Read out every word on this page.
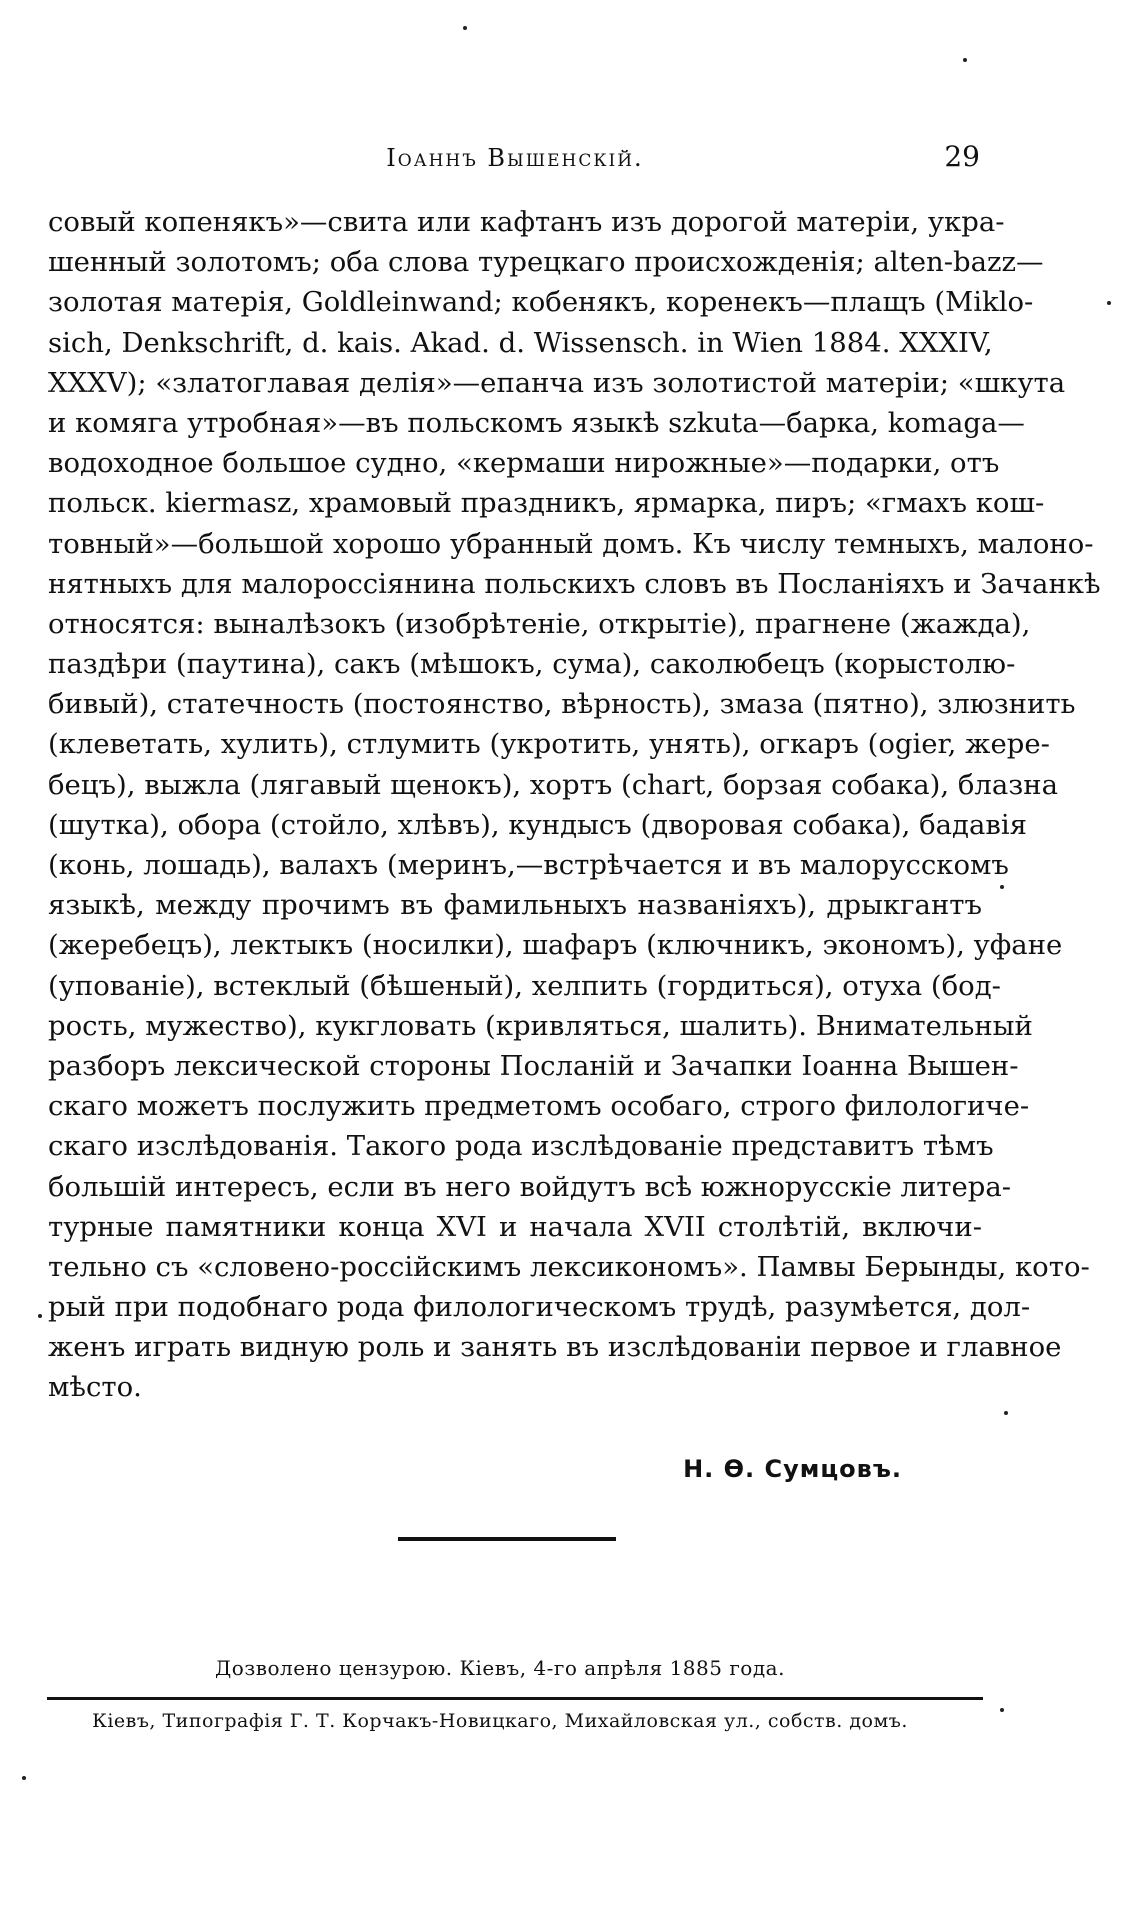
Іоаннъ Вышенскій.	29
совый копенякъ»—свита или кафтанъ изъ дорогой матеріи, укра-
шенный золотомъ; оба слова турецкаго происхожденія; alten-bazz—
золотая матерія, Goldleinwand; кобенякъ, коренекъ—плащъ (Miklo-
sich, Denkschrift, d. kais. Akad. d. Wissensch. in Wien 1884. XXXIV,
XXXV); «златоглавая делія»—епанча изъ золотистой матеріи; «шкута
и комяга утробная»—въ польскомъ языкѣ szkuta—барка, komaga—
водоходное большое судно, «кермаши нирожные»—подарки, отъ
польск. kiermasz, храмовый праздникъ, ярмарка, пиръ; «гмахъ кош-
товный»—большой хорошо убранный домъ. Къ числу темныхъ, малоно-
нятныхъ для малороссіянина польскихъ словъ въ Посланіяхъ и Зачанкѣ
относятся: выналѣзокъ (изобрѣтеніе, открытіе), прагнене (жажда),
паздѣри (паутина), сакъ (мѣшокъ, сума), саколюбецъ (корыстолю-
бивый), статечность (постоянство, вѣрность), змаза (пятно), злюзнить
(клеветать, хулить), стлумить (укротить, унять), огкаръ (ogier, жере-
бецъ), выжла (лягавый щенокъ), хортъ (chart, борзая собака), блазна
(шутка), обора (стойло, хлѣвъ), кундысъ (дворовая собака), бадавія
(конь, лошадь), валахъ (меринъ,—встрѣчается и въ малорусскомъ
языкѣ, между прочимъ въ фамильныхъ названіяхъ), дрыкгантъ
(жеребецъ), лектыкъ (носилки), шафаръ (ключникъ, экономъ), уфане
(упованіе), встеклый (бѣшеный), хелпить (гордиться), отуха (бод-
рость, мужество), кукгловать (кривляться, шалить). Внимательный
разборъ лексической стороны Посланій и Зачапки Іоанна Вышен-
скаго можетъ послужить предметомъ особаго, строго филологиче-
скаго изслѣдованія. Такого рода изслѣдованіе представитъ тѣмъ
большій интересъ, если въ него войдутъ всѣ южнорусскіе литера-
турные памятники конца XVI и начала XVII столѣтій, включи-
тельно съ «словено-россійскимъ лексикономъ». Памвы Берынды, кото-
рый при подобнаго рода филологическомъ трудѣ, разумѣется, дол-
женъ играть видную роль и занять въ изслѣдованіи первое и главное
мѣсто.
Н. Ѳ. Сумцовъ.
Дозволено цензурою. Кіевъ, 4-го апрѣля 1885 года.
Кіевъ, Типографія Г. Т. Корчакъ-Новицкаго, Михайловская ул., собств. домъ.
